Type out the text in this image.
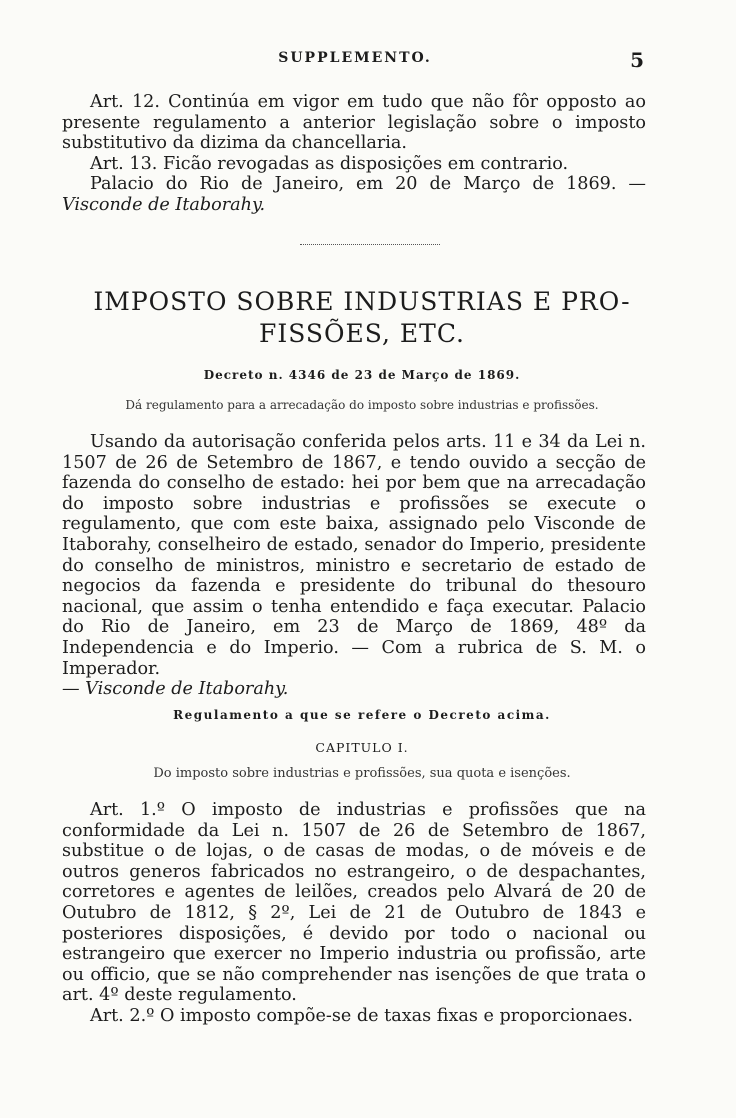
SUPPLEMENTO.	5

Art. 12. Continúa em vigor em tudo que não fôr opposto ao presente regulamento a anterior legislação sobre o imposto substitutivo da dizima da chancellaria.

Art. 13. Ficão revogadas as disposições em contrario.

Palacio do Rio de Janeiro, em 20 de Março de 1869. —Visconde de Itaborahy.

IMPOSTO SOBRE INDUSTRIAS E PRO-
FISSÕES, ETC.
Decreto n. 4346 de 23 de Março de 1869.
Dá regulamento para a arrecadação do imposto sobre industrias e profissões.

Usando da autorisação conferida pelos arts. 11 e 34 da Lei n. 1507 de 26 de Setembro de 1867, e tendo ouvido a secção de fazenda do conselho de estado: hei por bem que na arrecadação do imposto sobre industrias e profissões se execute o regulamento, que com este baixa, assignado pelo Visconde de Itaborahy, conselheiro de estado, senador do Imperio, presidente do conselho de ministros, ministro e secretario de estado de negocios da fazenda e presidente do tribunal do thesouro nacional, que assim o tenha entendido e faça executar. Palacio do Rio de Janeiro, em 23 de Março de 1869, 48º da Independencia e do Imperio. — Com a rubrica de S. M. o Imperador.
— Visconde de Itaborahy.

Regulamento a que se refere o Decreto acima.
CAPITULO I.
Do imposto sobre industrias e profissões, sua quota e isenções.

Art. 1.º O imposto de industrias e profissões que na conformidade da Lei n. 1507 de 26 de Setembro de 1867, substitue o de lojas, o de casas de modas, o de móveis e de outros generos fabricados no estrangeiro, o de despachantes, corretores e agentes de leilões, creados pelo Alvará de 20 de Outubro de 1812, § 2º, Lei de 21 de Outubro de 1843 e posteriores disposições, é devido por todo o nacional ou estrangeiro que exercer no Imperio industria ou profissão, arte ou officio, que se não comprehender nas isenções de que trata o art. 4º deste regulamento.

Art. 2.º O imposto compõe-se de taxas fixas e proporcionaes.
